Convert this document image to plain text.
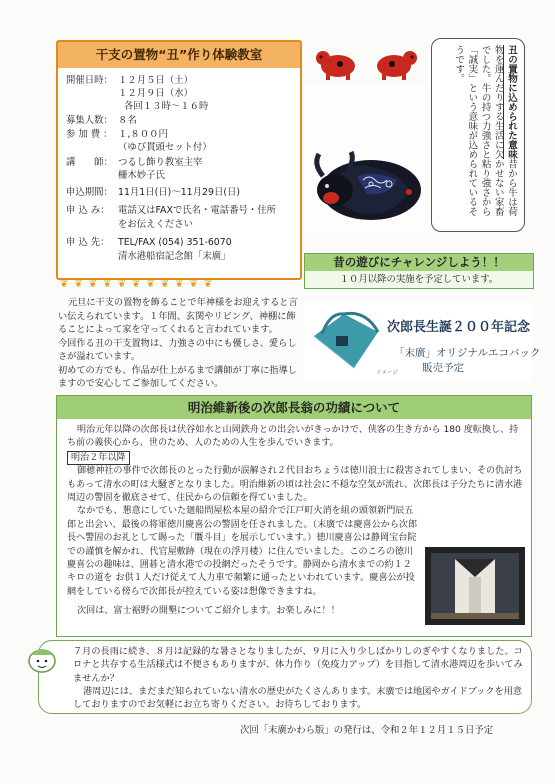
干支の置物“丑”作り体験教室
開催日時： １２月５日（土）
１２月９日（水）
各回１３時～１６時
募集人数： ８名
参 加 費 ： １,８００円
（ゆび貫頭セット付）
講　　師： つるし飾り教室主宰
柵木妙子氏
申込期間： 11月1日(日)～11月29日(日)
申 込 み： 電話又はFAXで氏名・電話番号・住所
をお伝えください
申 込 先： TEL/FAX (054) 351-6070
清水港船宿記念館「末廣」
❦ ❦ ❦ ❦ ❦ ❦ ❦ ❦ ❦ ❦ ❦
元旦に干支の置物を飾ることで年神様をお迎えすると言い伝えられています。１年間、玄関やリビング、神棚に飾ることによって家を守ってくれると言われています。
今回作る丑の干支置物は、力強さの中にも優しさ、愛らしさが溢れています。
初めての方でも、作品が仕上がるまで講師が丁寧に指導しますので安心してご参加してください。
丑の置物に込められた意味昔から牛は荷物を運んだりする生活に欠かせない家畜でした。牛の持つ力強さと粘り強さから「誠実」という意味が込められているそうです。
昔の遊びにチャレンジしよう！！
１０月以降の実施を予定しています。
イメージ
次郎長生誕２００年記念
「末廣」オリジナルエコバック
販売予定
明治維新後の次郎長翁の功績について

明治元年以降の次郎長は伏谷如水と山岡鉄舟との出会いがきっかけで、侠客の生き方から 180 度転換し、持ち前の義侠心から、世のため、人のための人生を歩んでいきます。

明治２年以降

御穂神社の事件で次郎長のとった行動が誤解され２代目おちょうは徳川浪士に殺害されてしまい、その仇討ちもあって清水の町は大騒ぎとなりました。明治維新の頃は社会に不穏な空気が流れ、次郎長は子分たちに清水港周辺の警固を徹底させて、住民からの信頼を得ていました。

なかでも、懇意にしていた廻船問屋松本屋の紹介で江戸町火消を組の頭領新門辰五郎と出会い、最後の将軍徳川慶喜公の警固を任されました。（末廣では慶喜公から次郎長へ警固のお礼として賜った「贋斗目」を展示しています。）徳川慶喜公は静岡宝台院での謹慎を解かれ、代官屋敷跡（現在の浮月楼）に住んでいました。このころの徳川慶喜公の趣味は、囲碁と清水港での投網だったそうです。静岡から清水までの約１２キロの道を お供１人だけ従えて人力車で頻繁に通ったといわれています。慶喜公が投網をしている傍らで次郎長が控えている姿は想像できますね。

次回は、富士裾野の開墾についてご紹介します。お楽しみに！！

７月の長雨に続き、８月は記録的な暑さとなりましたが、９月に入り少しばかりしのぎやすくなりました。コロナと共存する生活様式は不便さもありますが、体力作り（免疫力アップ）を目指して清水港周辺を歩いてみませんか？

港周辺には、まだまだ知られていない清水の歴史がたくさんあります。末廣では地図やガイドブックを用意しておりますのでお気軽にお立ち寄りください。お待ちしております。

次回「末廣かわら版」の発行は、令和２年１２月１５日予定
